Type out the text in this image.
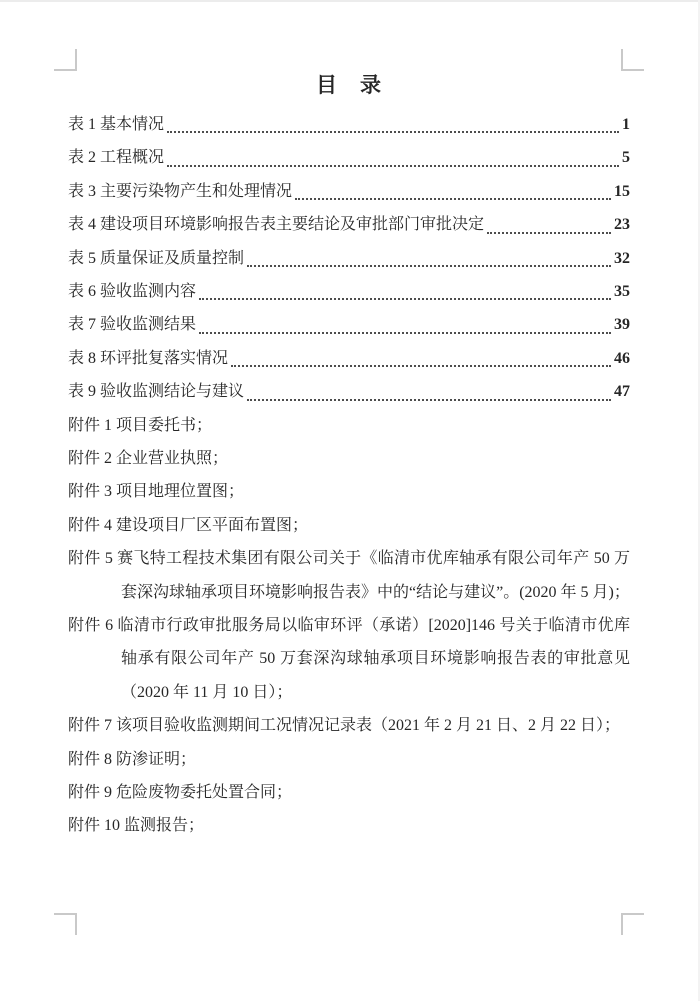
目　录
表 1 基本情况	1
表 2 工程概况	5
表 3 主要污染物产生和处理情况	15
表 4 建设项目环境影响报告表主要结论及审批部门审批决定	23
表 5 质量保证及质量控制	32
表 6 验收监测内容	35
表 7 验收监测结果	39
表 8 环评批复落实情况	46
表 9 验收监测结论与建议	47
附件 1 项目委托书；
附件 2 企业营业执照；
附件 3 项目地理位置图；
附件 4 建设项目厂区平面布置图；
附件 5 赛飞特工程技术集团有限公司关于《临清市优库轴承有限公司年产 50 万套深沟球轴承项目环境影响报告表》中的“结论与建议”。(2020 年 5 月)；
附件 6 临清市行政审批服务局以临审环评（承诺）[2020]146 号关于临清市优库轴承有限公司年产 50 万套深沟球轴承项目环境影响报告表的审批意见（2020 年 11 月 10 日）；
附件 7 该项目验收监测期间工况情况记录表（2021 年 2 月 21 日、2 月 22 日）；
附件 8 防渗证明；
附件 9 危险废物委托处置合同；
附件 10 监测报告；
